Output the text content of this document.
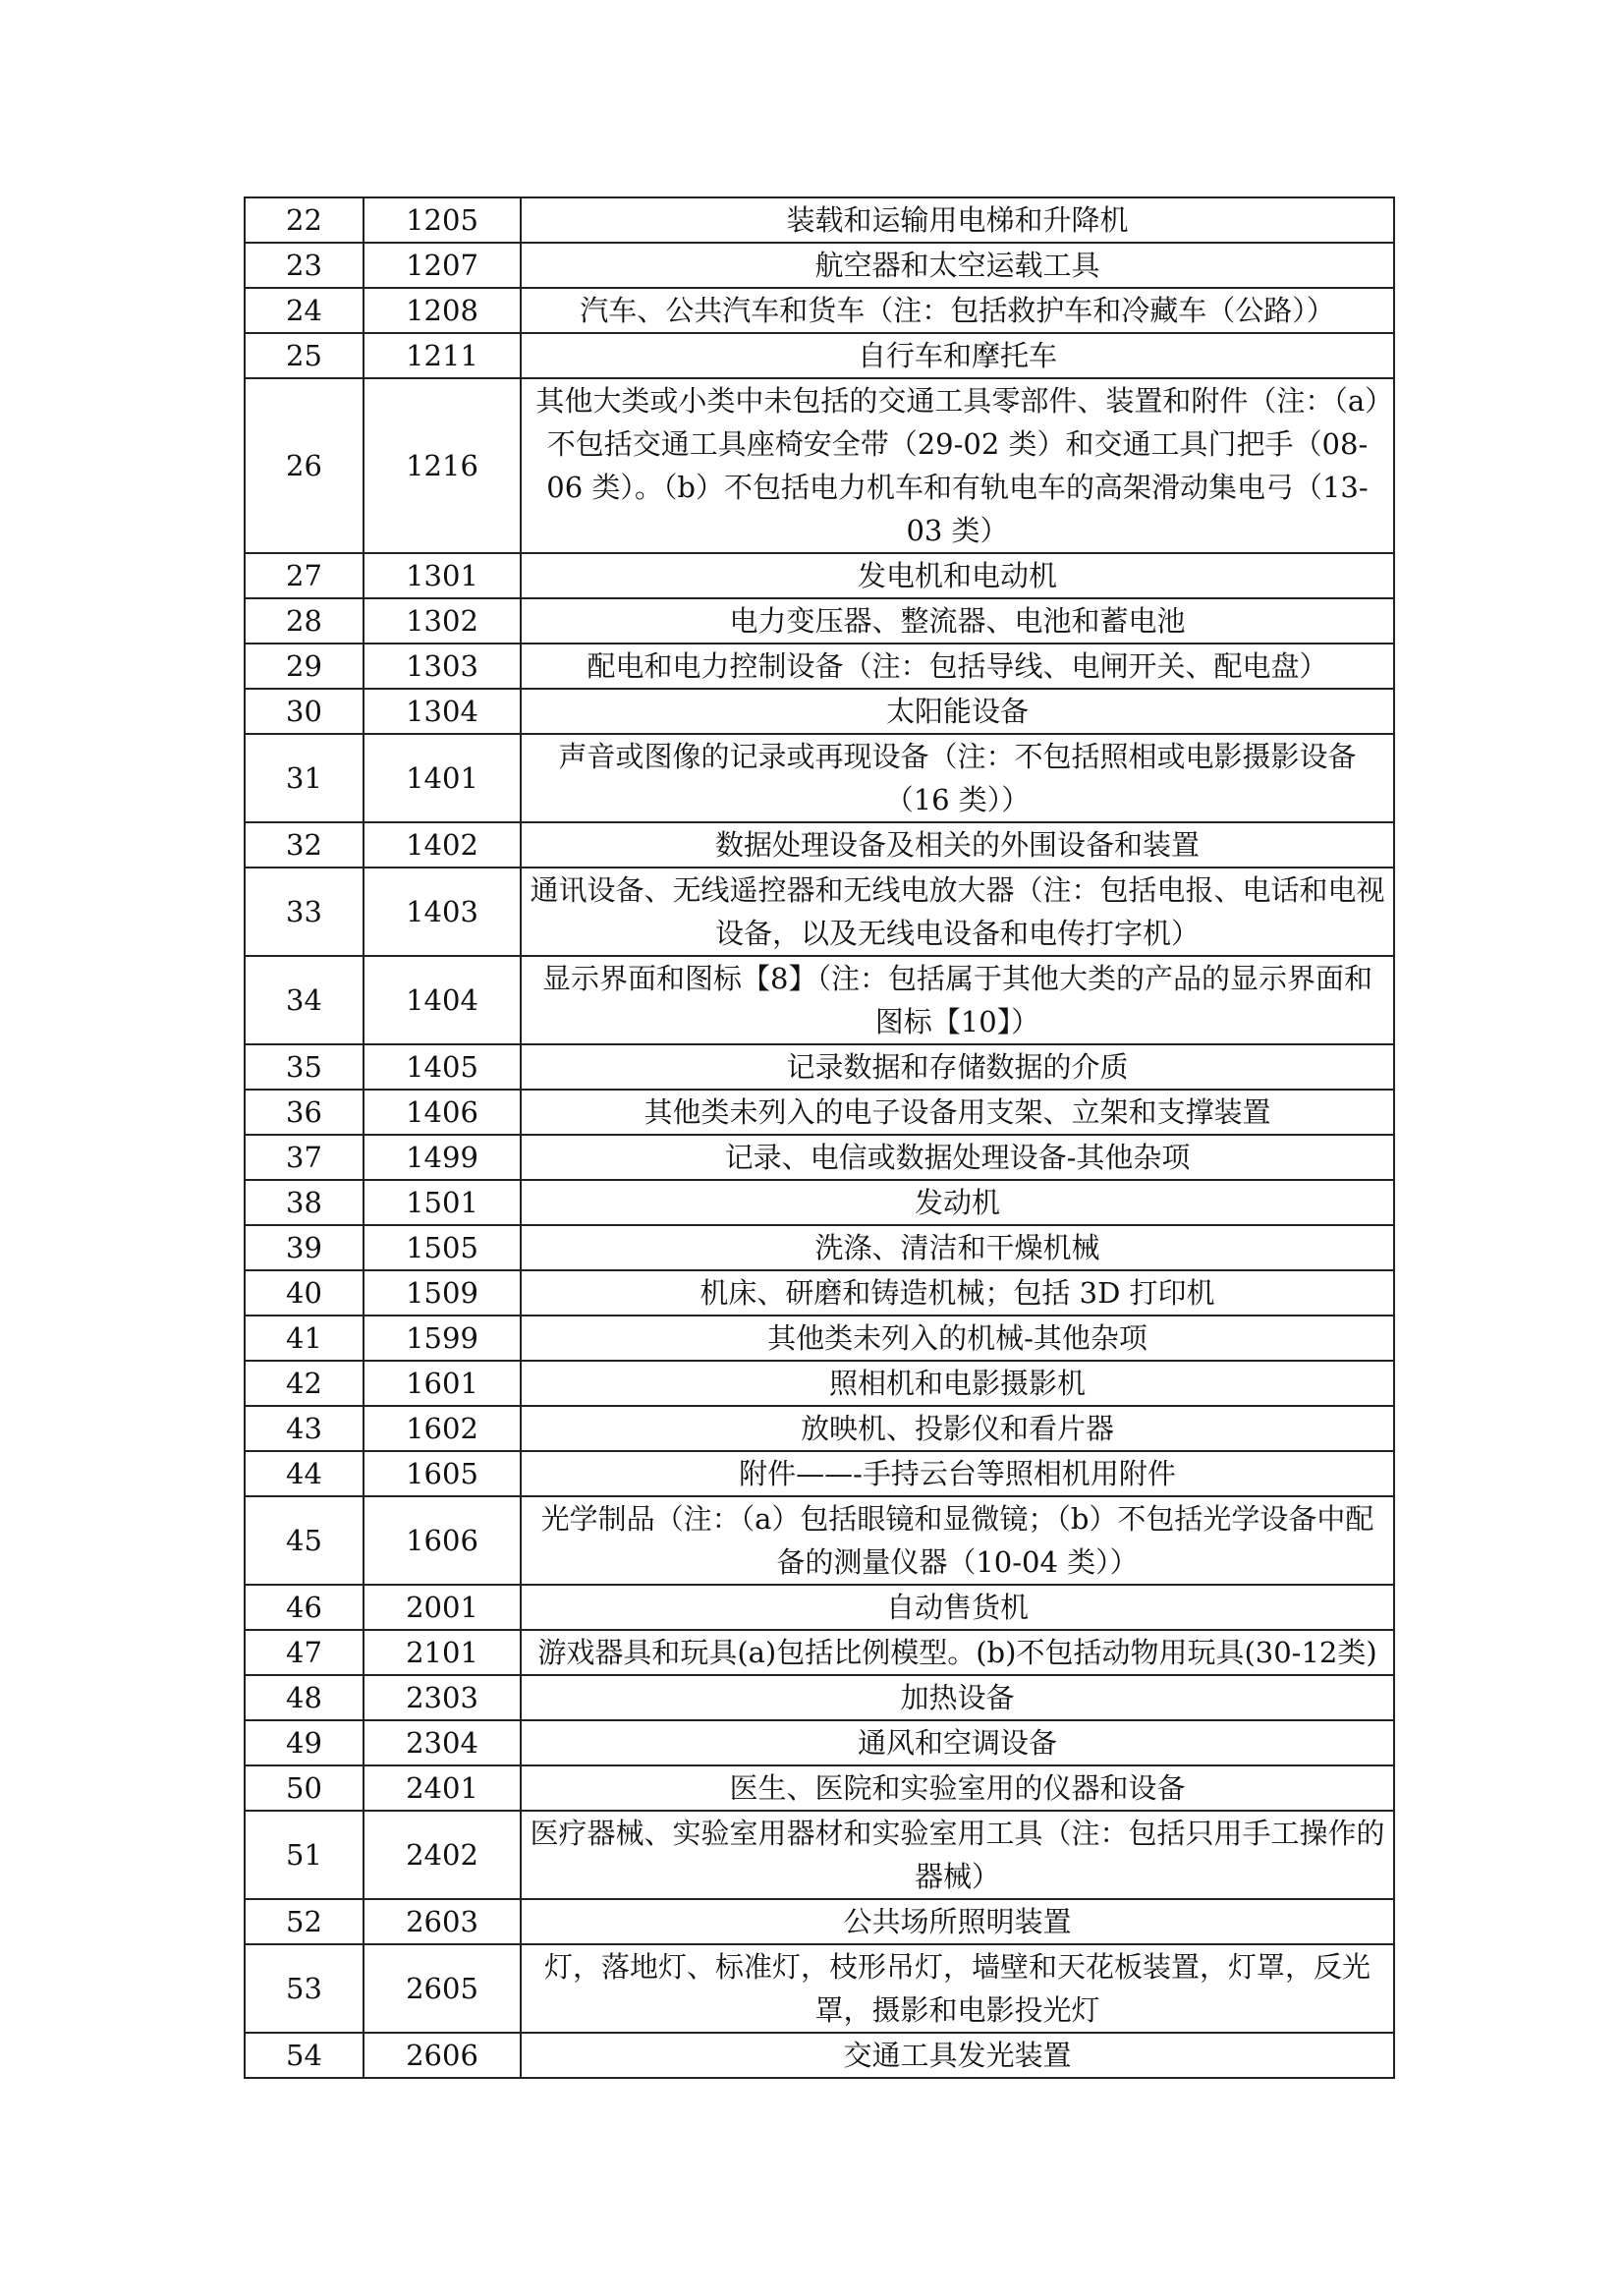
22	1205	装载和运输用电梯和升降机
23	1207	航空器和太空运载工具
24	1208	汽车、公共汽车和货车（注：包括救护车和冷藏车（公路））
25	1211	自行车和摩托车
26	1216	其他大类或小类中未包括的交通工具零部件、装置和附件（注：（a）不包括交通工具座椅安全带（29-02 类）和交通工具门把手（08-06 类）。（b）不包括电力机车和有轨电车的高架滑动集电弓（13-03 类）
27	1301	发电机和电动机
28	1302	电力变压器、整流器、电池和蓄电池
29	1303	配电和电力控制设备（注：包括导线、电闸开关、配电盘）
30	1304	太阳能设备
31	1401	声音或图像的记录或再现设备（注：不包括照相或电影摄影设备（16 类））
32	1402	数据处理设备及相关的外围设备和装置
33	1403	通讯设备、无线遥控器和无线电放大器（注：包括电报、电话和电视设备，以及无线电设备和电传打字机）
34	1404	显示界面和图标【8】（注：包括属于其他大类的产品的显示界面和图标【10】）
35	1405	记录数据和存储数据的介质
36	1406	其他类未列入的电子设备用支架、立架和支撑装置
37	1499	记录、电信或数据处理设备-其他杂项
38	1501	发动机
39	1505	洗涤、清洁和干燥机械
40	1509	机床、研磨和铸造机械；包括 3D 打印机
41	1599	其他类未列入的机械-其他杂项
42	1601	照相机和电影摄影机
43	1602	放映机、投影仪和看片器
44	1605	附件——-手持云台等照相机用附件
45	1606	光学制品（注：（a）包括眼镜和显微镜；（b）不包括光学设备中配备的测量仪器（10-04 类））
46	2001	自动售货机
47	2101	游戏器具和玩具(a)包括比例模型。(b)不包括动物用玩具(30-12类)
48	2303	加热设备
49	2304	通风和空调设备
50	2401	医生、医院和实验室用的仪器和设备
51	2402	医疗器械、实验室用器材和实验室用工具（注：包括只用手工操作的器械）
52	2603	公共场所照明装置
53	2605	灯，落地灯、标准灯，枝形吊灯，墙壁和天花板装置，灯罩，反光罩，摄影和电影投光灯
54	2606	交通工具发光装置
